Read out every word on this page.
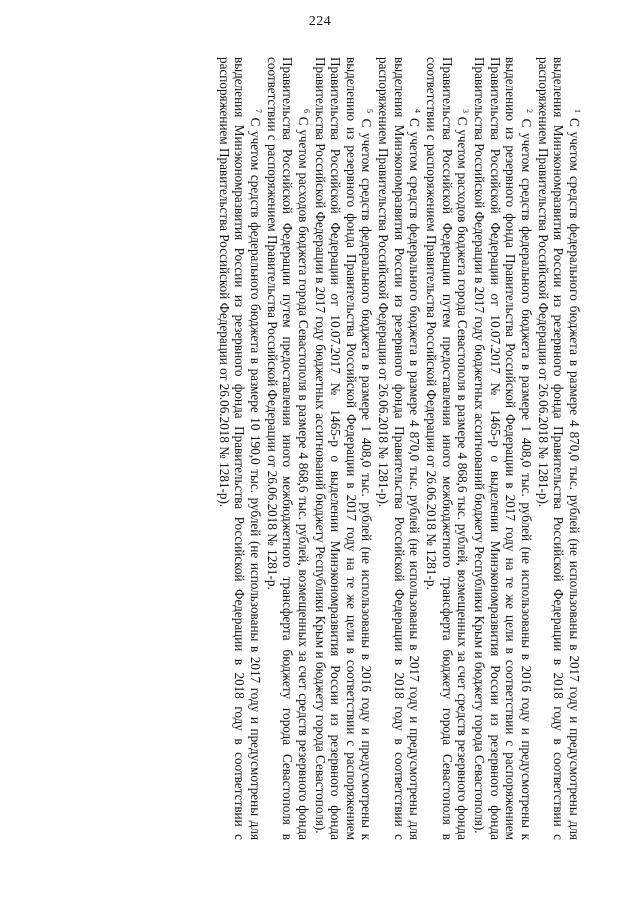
224

$^1$ С учетом средств федерального бюджета в размере 4 870,0 тыс. рублей (не использованы в 2017 году и предусмотрены для выделения Минэкономразвития России из резервного фонда Правительства Российской Федерации в 2018 году в соответствии с распоряжением Правительства Российской Федерации от 26.06.2018 № 1281-р).

$^2$ С учетом средств федерального бюджета в размере 1 408,0 тыс. рублей (не использованы в 2016 году и предусмотрены к выделению из резервного фонда Правительства Российской Федерации в 2017 году на те же цели в соответствии с распоряжением Правительства Российской Федерации от 10.07.2017 № 1465-р о выделении Минэкономразвития России из резервного фонда Правительства Российской Федерации в 2017 году бюджетных ассигнований бюджету Республики Крым и бюджету города Севастополя).

$^3$ С учетом расходов бюджета города Севастополя в размере 4 868,6 тыс. рублей, возмещенных за счет средств резервного фонда Правительства Российской Федерации путем предоставления иного межбюджетного трансферта бюджету города Севастополя в соответствии с распоряжением Правительства Российской Федерации от 26.06.2018 № 1281-р.

$^4$ С учетом средств федерального бюджета в размере 4 870,0 тыс. рублей (не использованы в 2017 году и предусмотрены для выделения Минэкономразвития России из резервного фонда Правительства Российской Федерации в 2018 году в соответствии с распоряжением Правительства Российской Федерации от 26.06.2018 № 1281-р).

$^5$ С учетом средств федерального бюджета в размере 1 408,0 тыс. рублей (не использованы в 2016 году и предусмотрены к выделению из резервного фонда Правительства Российской Федерации в 2017 году на те же цели в соответствии с распоряжением Правительства Российской Федерации от 10.07.2017 № 1465-р о выделении Минэкономразвития России из резервного фонда Правительства Российской Федерации в 2017 году бюджетных ассигнований бюджету Республики Крым и бюджету города Севастополя).

$^6$ С учетом расходов бюджета города Севастополя в размере 4 868,6 тыс. рублей, возмещенных за счет средств резервного фонда Правительства Российской Федерации путем предоставления иного межбюджетного трансферта бюджету города Севастополя в соответствии с распоряжением Правительства Российской Федерации от 26.06.2018 № 1281-р.

$^7$ С учетом средств федерального бюджета в размере 10 190,0 тыс. рублей (не использованы в 2017 году и предусмотрены для выделения Минэкономразвития России из резервного фонда Правительства Российской Федерации в 2018 году в соответствии с распоряжением Правительства Российской Федерации от 26.06.2018 № 1281-р).
